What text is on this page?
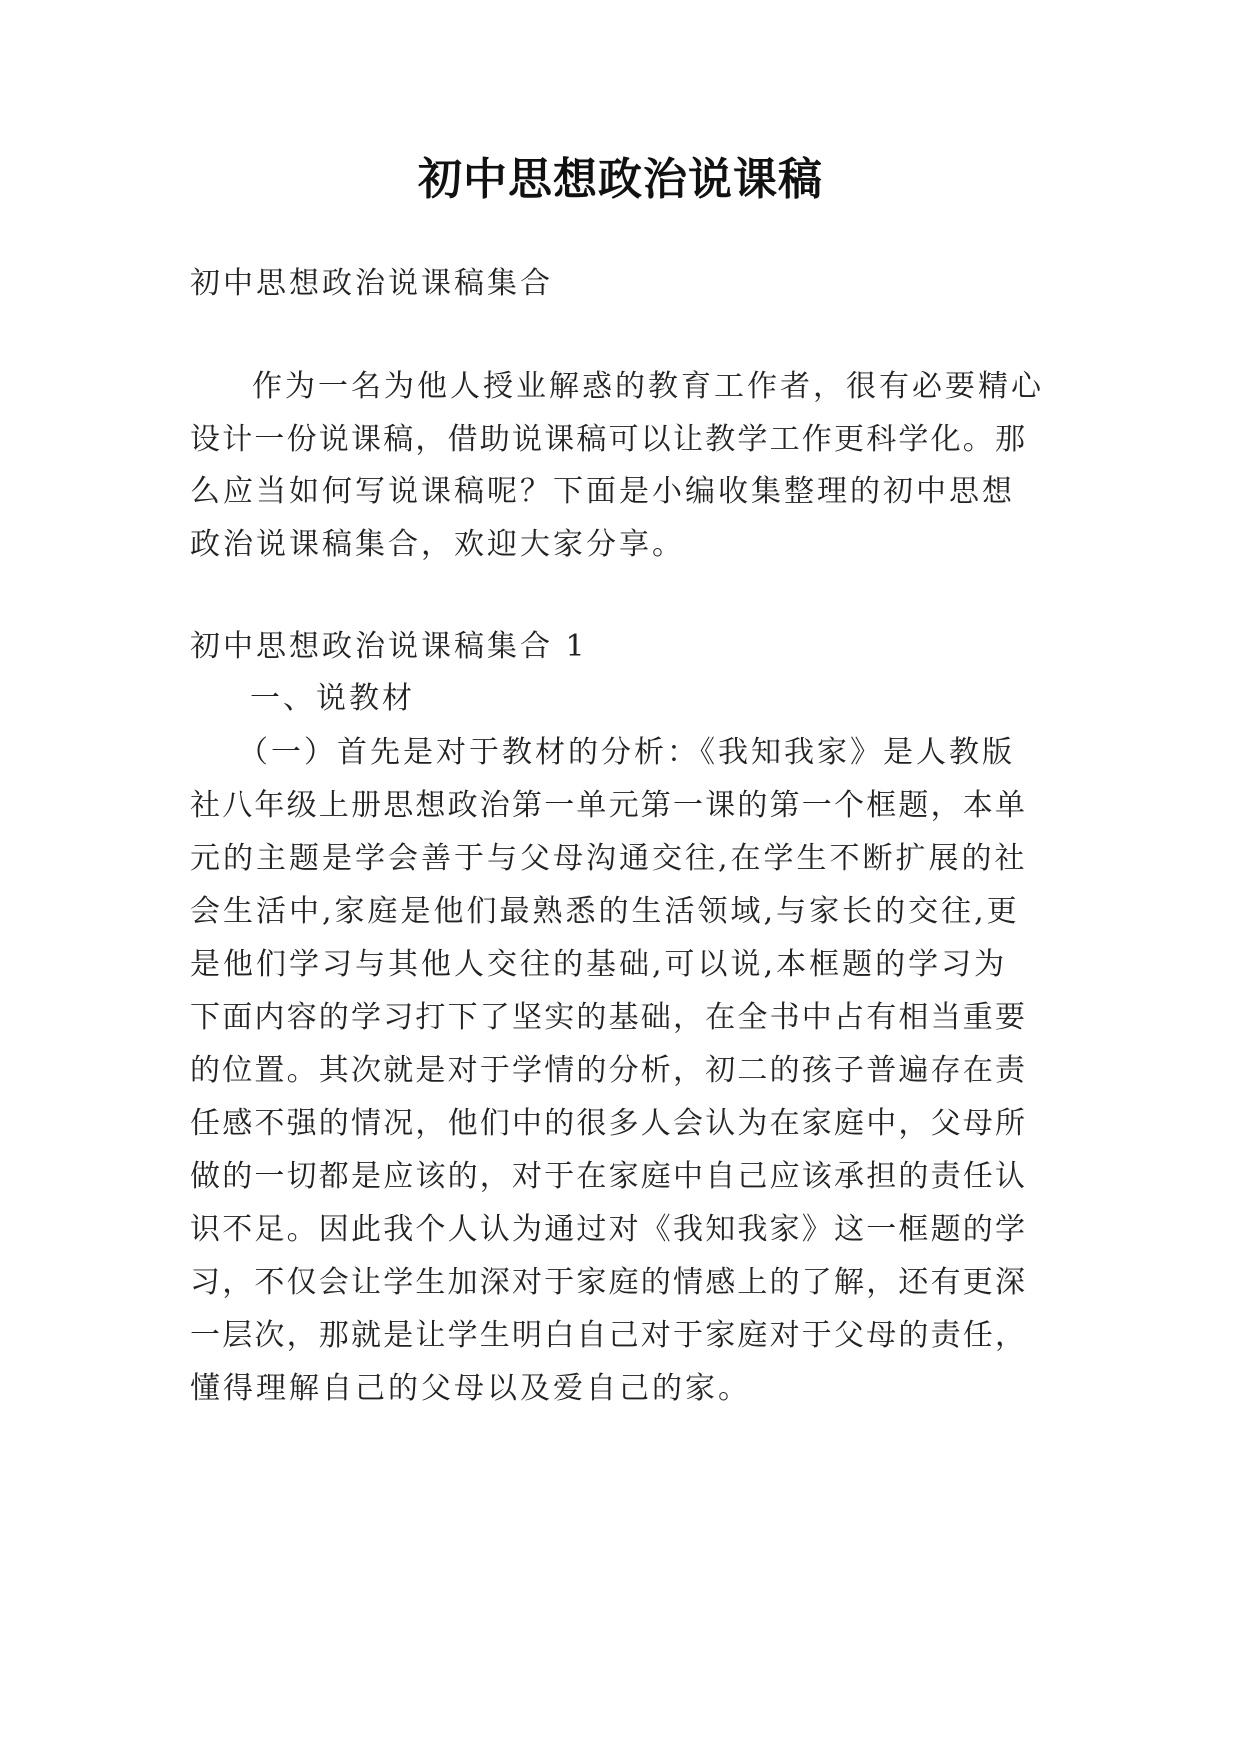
初中思想政治说课稿
初中思想政治说课稿集合
作为一名为他人授业解惑的教育工作者，很有必要精心
设计一份说课稿，借助说课稿可以让教学工作更科学化。那
么应当如何写说课稿呢？下面是小编收集整理的初中思想
政治说课稿集合，欢迎大家分享。
初中思想政治说课稿集合 1
一、说教材
（一）首先是对于教材的分析：《我知我家》是人教版
社八年级上册思想政治第一单元第一课的第一个框题，本单
元的主题是学会善于与父母沟通交往,在学生不断扩展的社
会生活中,家庭是他们最熟悉的生活领域,与家长的交往,更
是他们学习与其他人交往的基础,可以说,本框题的学习为
下面内容的学习打下了坚实的基础，在全书中占有相当重要
的位置。其次就是对于学情的分析，初二的孩子普遍存在责
任感不强的情况，他们中的很多人会认为在家庭中，父母所
做的一切都是应该的，对于在家庭中自己应该承担的责任认
识不足。因此我个人认为通过对《我知我家》这一框题的学
习，不仅会让学生加深对于家庭的情感上的了解，还有更深
一层次，那就是让学生明白自己对于家庭对于父母的责任，
懂得理解自己的父母以及爱自己的家。
